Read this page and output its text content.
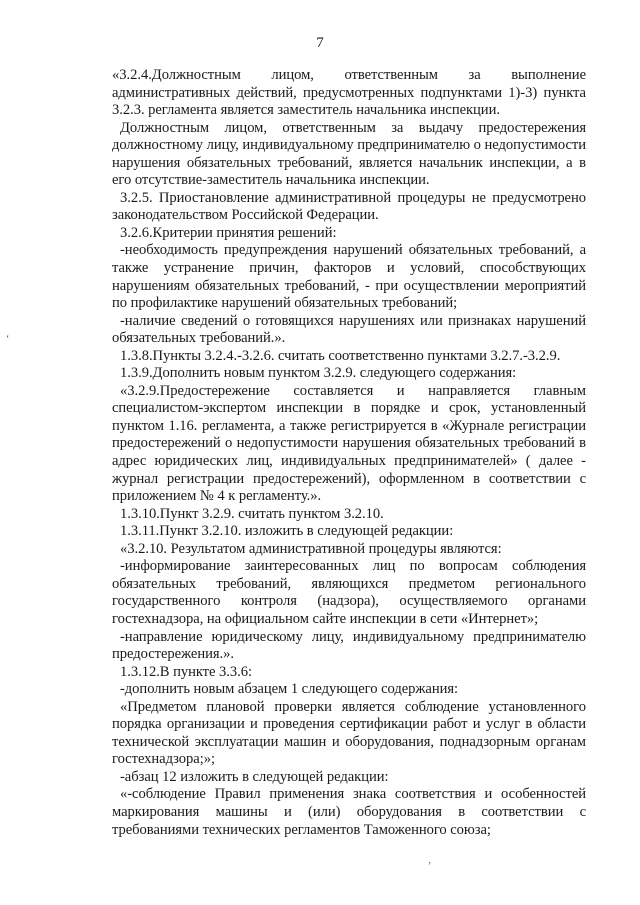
7

«3.2.4.Должностным лицом, ответственным за выполнение административных действий, предусмотренных подпунктами 1)-3) пункта 3.2.3. регламента является заместитель начальника инспекции.

Должностным лицом, ответственным за выдачу предостережения должностному лицу, индивидуальному предпринимателю о недопустимости нарушения обязательных требований, является начальник инспекции, а в его отсутствие-заместитель начальника инспекции.

3.2.5. Приостановление административной процедуры не предусмотрено законодательством Российской Федерации.

3.2.6.Критерии принятия решений:

-необходимость предупреждения нарушений обязательных требований, а также устранение причин, факторов и условий, способствующих нарушениям обязательных требований, - при осуществлении мероприятий по профилактике нарушений обязательных требований;

-наличие сведений о готовящихся нарушениях или признаках нарушений обязательных требований.».

1.3.8.Пункты 3.2.4.-3.2.6. считать соответственно пунктами 3.2.7.-3.2.9.

1.3.9.Дополнить новым пунктом 3.2.9. следующего содержания:

«3.2.9.Предостережение составляется и направляется главным специалистом-экспертом инспекции в порядке и срок, установленный пунктом 1.16. регламента, а также регистрируется в «Журнале регистрации предостережений о недопустимости нарушения обязательных требований в адрес юридических лиц, индивидуальных предпринимателей» ( далее - журнал регистрации предостережений), оформленном в соответствии с приложением № 4 к регламенту.».

1.3.10.Пункт 3.2.9. считать пунктом 3.2.10.

1.3.11.Пункт 3.2.10. изложить в следующей редакции:

«3.2.10. Результатом административной процедуры являются:

-информирование заинтересованных лиц по вопросам соблюдения обязательных требований, являющихся предметом регионального государственного контроля (надзора), осуществляемого органами гостехнадзора, на официальном сайте инспекции в сети «Интернет»;

-направление юридическому лицу, индивидуальному предпринимателю предостережения.».

1.3.12.В пункте 3.3.6:

-дополнить новым абзацем 1 следующего содержания:

«Предметом плановой проверки является соблюдение установленного порядка организации и проведения сертификации работ и услуг в области технической эксплуатации машин и оборудования, поднадзорным органам гостехнадзора;»;

-абзац 12 изложить в следующей редакции:

«-соблюдение Правил применения знака соответствия и особенностей маркирования машины и (или) оборудования в соответствии с требованиями технических регламентов Таможенного союза;

‘
’
